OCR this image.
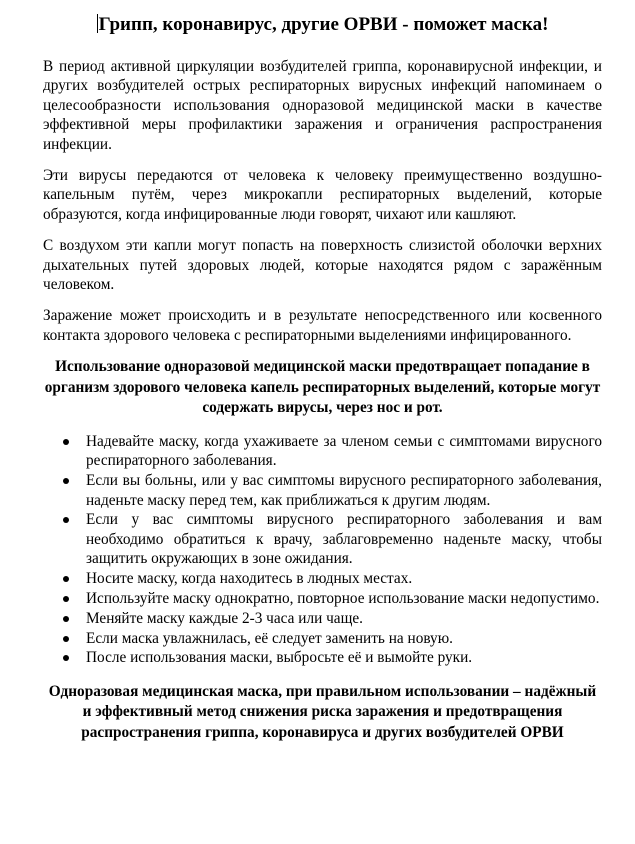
Грипп, коронавирус, другие ОРВИ - поможет маска!

В период активной циркуляции возбудителей гриппа, коронавирусной инфекции, и других возбудителей острых респираторных вирусных инфекций напоминаем о целесообразности использования одноразовой медицинской маски в качестве эффективной меры профилактики заражения и ограничения распространения инфекции.

Эти вирусы передаются от человека к человеку преимущественно воздушно-капельным путём, через микрокапли респираторных выделений, которые образуются, когда инфицированные люди говорят, чихают или кашляют.

С воздухом эти капли могут попасть на поверхность слизистой оболочки верхних дыхательных путей здоровых людей, которые находятся рядом с заражённым человеком.

Заражение может происходить и в результате непосредственного или косвенного контакта здорового человека с респираторными выделениями инфицированного.

Использование одноразовой медицинской маски предотвращает попадание в организм здорового человека капель респираторных выделений, которые могут содержать вирусы, через нос и рот.

Надевайте маску, когда ухаживаете за членом семьи с симптомами вирусного респираторного заболевания.
Если вы больны, или у вас симптомы вирусного респираторного заболевания, наденьте маску перед тем, как приближаться к другим людям.
Если у вас симптомы вирусного респираторного заболевания и вам необходимо обратиться к врачу, заблаговременно наденьте маску, чтобы защитить окружающих в зоне ожидания.
Носите маску, когда находитесь в людных местах.
Используйте маску однократно, повторное использование маски недопустимо.
Меняйте маску каждые 2-3 часа или чаще.
Если маска увлажнилась, её следует заменить на новую.
После использования маски, выбросьте её и вымойте руки.

Одноразовая медицинская маска, при правильном использовании – надёжный и эффективный метод снижения риска заражения и предотвращения распространения гриппа, коронавируса и других возбудителей ОРВИ
